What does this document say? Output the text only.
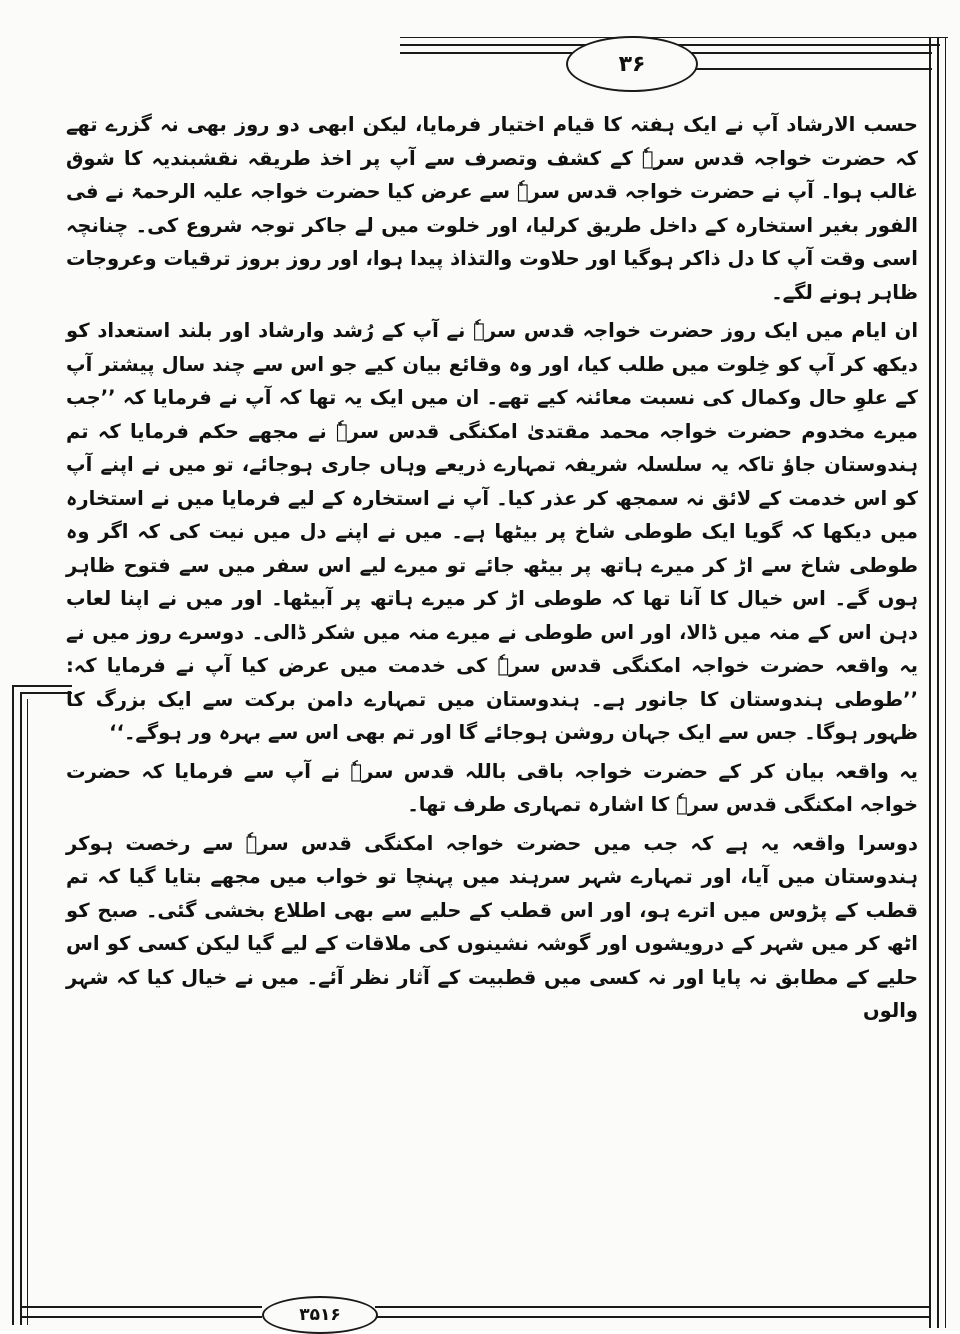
۳۶

حسب الارشاد آپ نے ایک ہفتہ کا قیام اختیار فرمایا، لیکن ابھی دو روز بھی نہ گزرے تھے کہ حضرت خواجہ قدس سرہٗ کے کشف وتصرف سے آپ پر اخذ طریقہ نقشبندیہ کا شوق غالب ہوا۔ آپ نے حضرت خواجہ قدس سرہٗ سے عرض کیا حضرت خواجہ علیہ الرحمۃ نے فی الفور بغیر استخارہ کے داخل طریق کرلیا، اور خلوت میں لے جاکر توجہ شروع کی۔ چنانچہ اسی وقت آپ کا دل ذاکر ہوگیا اور حلاوت والتذاذ پیدا ہوا، اور روز بروز ترقیات وعروجات ظاہر ہونے لگے۔

ان ایام میں ایک روز حضرت خواجہ قدس سرہٗ نے آپ کے رُشد وارشاد اور بلند استعداد کو دیکھ کر آپ کو خِلوت میں طلب کیا، اور وہ وقائع بیان کیے جو اس سے چند سال پیشتر آپ کے علوِ حال وکمال کی نسبت معائنہ کیے تھے۔ ان میں ایک یہ تھا کہ آپ نے فرمایا کہ ’’جب میرے مخدوم حضرت خواجہ محمد مقتدیٰ امکنگی قدس سرہٗ نے مجھے حکم فرمایا کہ تم ہندوستان جاؤ تاکہ یہ سلسلہ شریفہ تمہارے ذریعے وہاں جاری ہوجائے، تو میں نے اپنے آپ کو اس خدمت کے لائق نہ سمجھ کر عذر کیا۔ آپ نے استخارہ کے لیے فرمایا میں نے استخارہ میں دیکھا کہ گویا ایک طوطی شاخ پر بیٹھا ہے۔ میں نے اپنے دل میں نیت کی کہ اگر وہ طوطی شاخ سے اڑ کر میرے ہاتھ پر بیٹھ جائے تو میرے لیے اس سفر میں سے فتوح ظاہر ہوں گے۔ اس خیال کا آنا تھا کہ طوطی اڑ کر میرے ہاتھ پر آبیٹھا۔ اور میں نے اپنا لعاب دہن اس کے منہ میں ڈالا، اور اس طوطی نے میرے منہ میں شکر ڈالی۔ دوسرے روز میں نے یہ واقعہ حضرت خواجہ امکنگی قدس سرہٗ کی خدمت میں عرض کیا آپ نے فرمایا کہ: ’’طوطی ہندوستان کا جانور ہے۔ ہندوستان میں تمہارے دامن برکت سے ایک بزرگ کا ظہور ہوگا۔ جس سے ایک جہان روشن ہوجائے گا اور تم بھی اس سے بہرہ ور ہوگے۔‘‘

یہ واقعہ بیان کر کے حضرت خواجہ باقی باللہ قدس سرہٗ نے آپ سے فرمایا کہ حضرت خواجہ امکنگی قدس سرہٗ کا اشارہ تمہاری طرف تھا۔

دوسرا واقعہ یہ ہے کہ جب میں حضرت خواجہ امکنگی قدس سرہٗ سے رخصت ہوکر ہندوستان میں آیا، اور تمہارے شہر سرہند میں پہنچا تو خواب میں مجھے بتایا گیا کہ تم قطب کے پڑوس میں اترے ہو، اور اس قطب کے حلیے سے بھی اطلاع بخشی گئی۔ صبح کو اٹھ کر میں شہر کے درویشوں اور گوشہ نشینوں کی ملاقات کے لیے گیا لیکن کسی کو اس حلیے کے مطابق نہ پایا اور نہ کسی میں قطبیت کے آثار نظر آئے۔ میں نے خیال کیا کہ شہر والوں

۳۵۱۶
